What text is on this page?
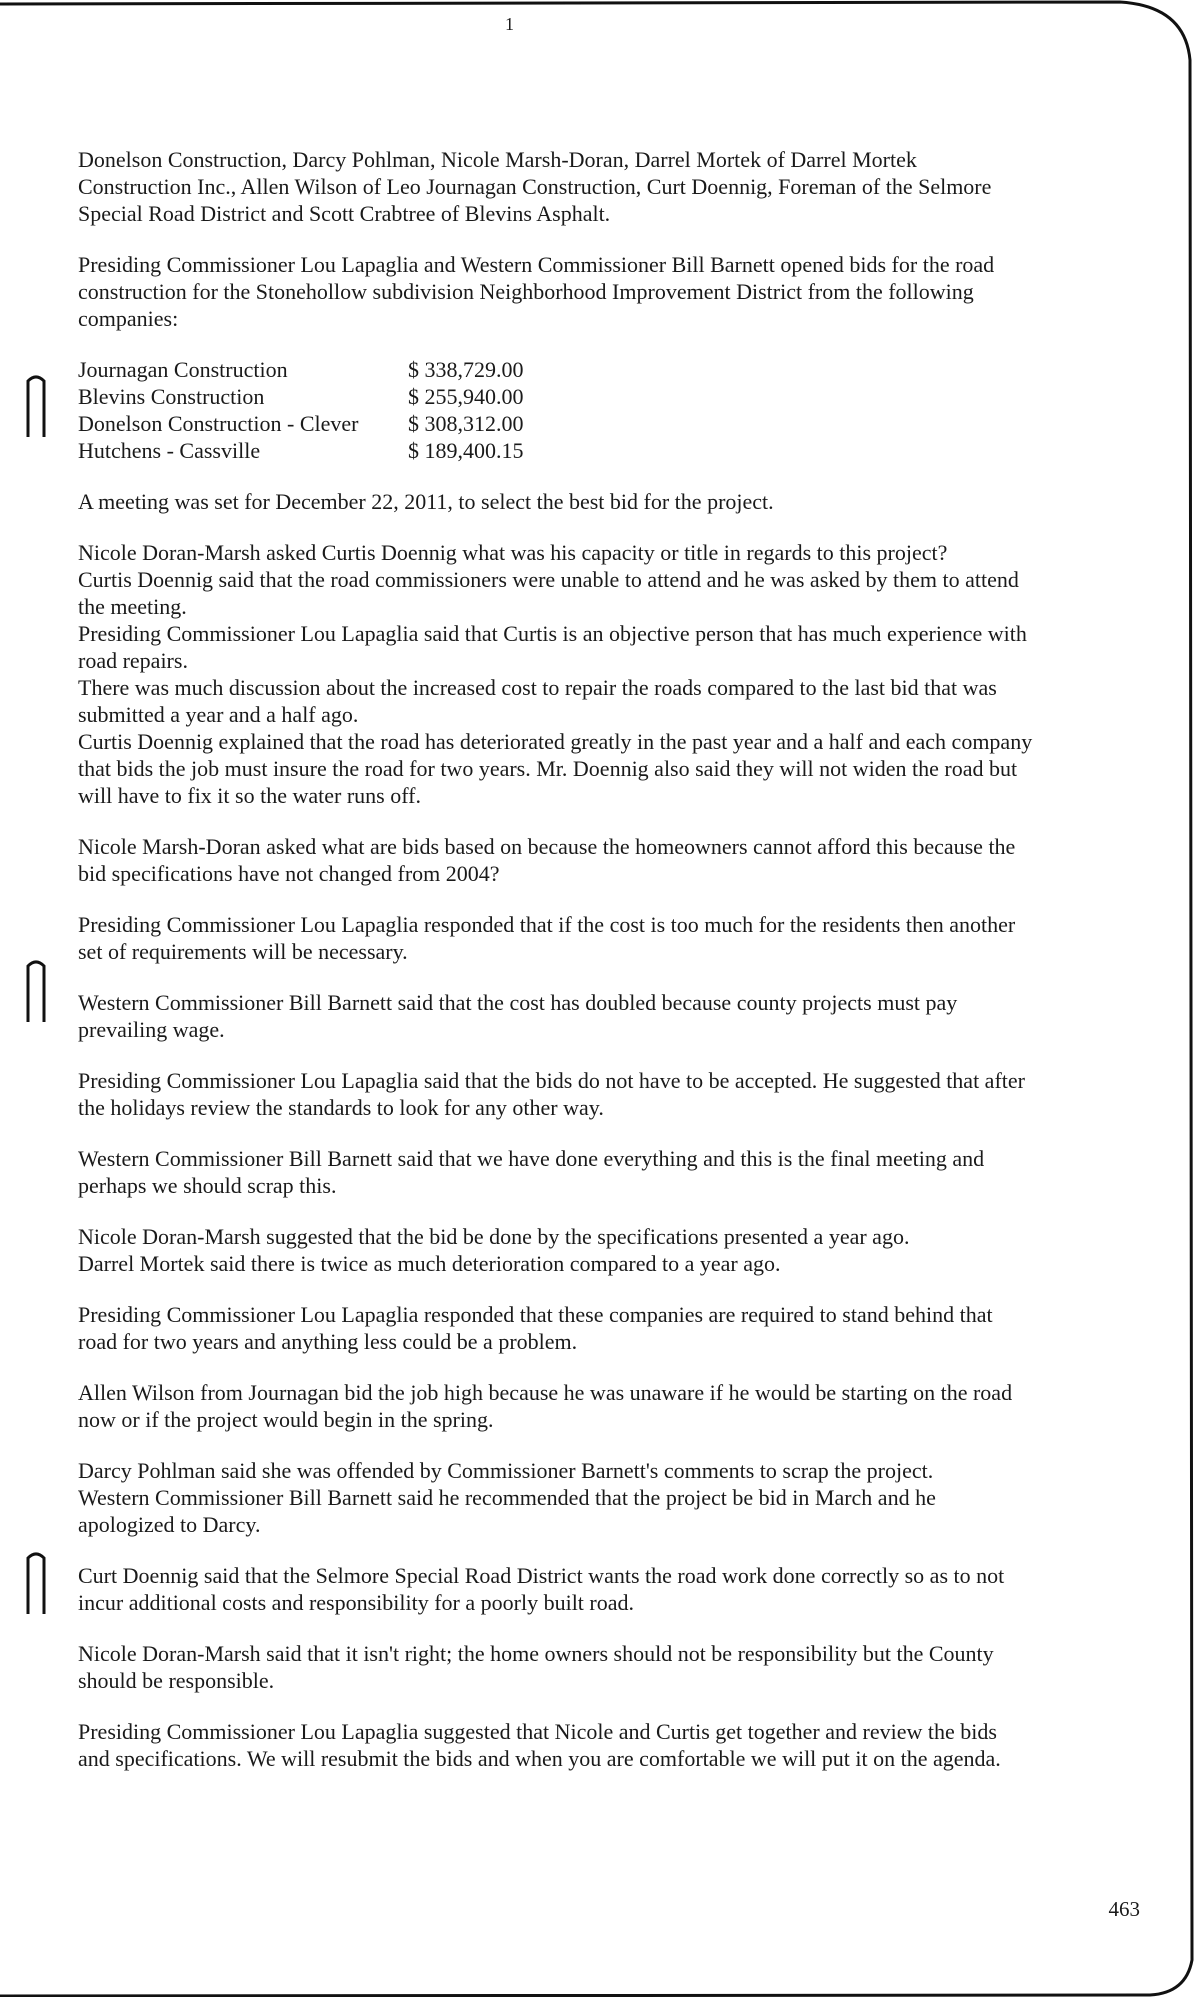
1

Donelson Construction, Darcy Pohlman, Nicole Marsh-Doran, Darrel Mortek of Darrel Mortek
Construction Inc., Allen Wilson of Leo Journagan Construction, Curt Doennig, Foreman of the Selmore
Special Road District and Scott Crabtree of Blevins Asphalt.

Presiding Commissioner Lou Lapaglia and Western Commissioner Bill Barnett opened bids for the road
construction for the Stonehollow subdivision Neighborhood Improvement District from the following
companies:

Journagan Construction	$ 338,729.00
Blevins Construction	$ 255,940.00
Donelson Construction - Clever	$ 308,312.00
Hutchens - Cassville	$ 189,400.15

A meeting was set for December 22, 2011, to select the best bid for the project.

Nicole Doran-Marsh asked Curtis Doennig what was his capacity or title in regards to this project?
Curtis Doennig said that the road commissioners were unable to attend and he was asked by them to attend
the meeting.
Presiding Commissioner Lou Lapaglia said that Curtis is an objective person that has much experience with
road repairs.
There was much discussion about the increased cost to repair the roads compared to the last bid that was
submitted a year and a half ago.
Curtis Doennig explained that the road has deteriorated greatly in the past year and a half and each company
that bids the job must insure the road for two years. Mr. Doennig also said they will not widen the road but
will have to fix it so the water runs off.

Nicole Marsh-Doran asked what are bids based on because the homeowners cannot afford this because the
bid specifications have not changed from 2004?

Presiding Commissioner Lou Lapaglia responded that if the cost is too much for the residents then another
set of requirements will be necessary.

Western Commissioner Bill Barnett said that the cost has doubled because county projects must pay
prevailing wage.

Presiding Commissioner Lou Lapaglia said that the bids do not have to be accepted. He suggested that after
the holidays review the standards to look for any other way.

Western Commissioner Bill Barnett said that we have done everything and this is the final meeting and
perhaps we should scrap this.

Nicole Doran-Marsh suggested that the bid be done by the specifications presented a year ago.
Darrel Mortek said there is twice as much deterioration compared to a year ago.

Presiding Commissioner Lou Lapaglia responded that these companies are required to stand behind that
road for two years and anything less could be a problem.

Allen Wilson from Journagan bid the job high because he was unaware if he would be starting on the road
now or if the project would begin in the spring.

Darcy Pohlman said she was offended by Commissioner Barnett's comments to scrap the project.
Western Commissioner Bill Barnett said he recommended that the project be bid in March and he
apologized to Darcy.

Curt Doennig said that the Selmore Special Road District wants the road work done correctly so as to not
incur additional costs and responsibility for a poorly built road.

Nicole Doran-Marsh said that it isn't right; the home owners should not be responsibility but the County
should be responsible.

Presiding Commissioner Lou Lapaglia suggested that Nicole and Curtis get together and review the bids
and specifications. We will resubmit the bids and when you are comfortable we will put it on the agenda.

463
